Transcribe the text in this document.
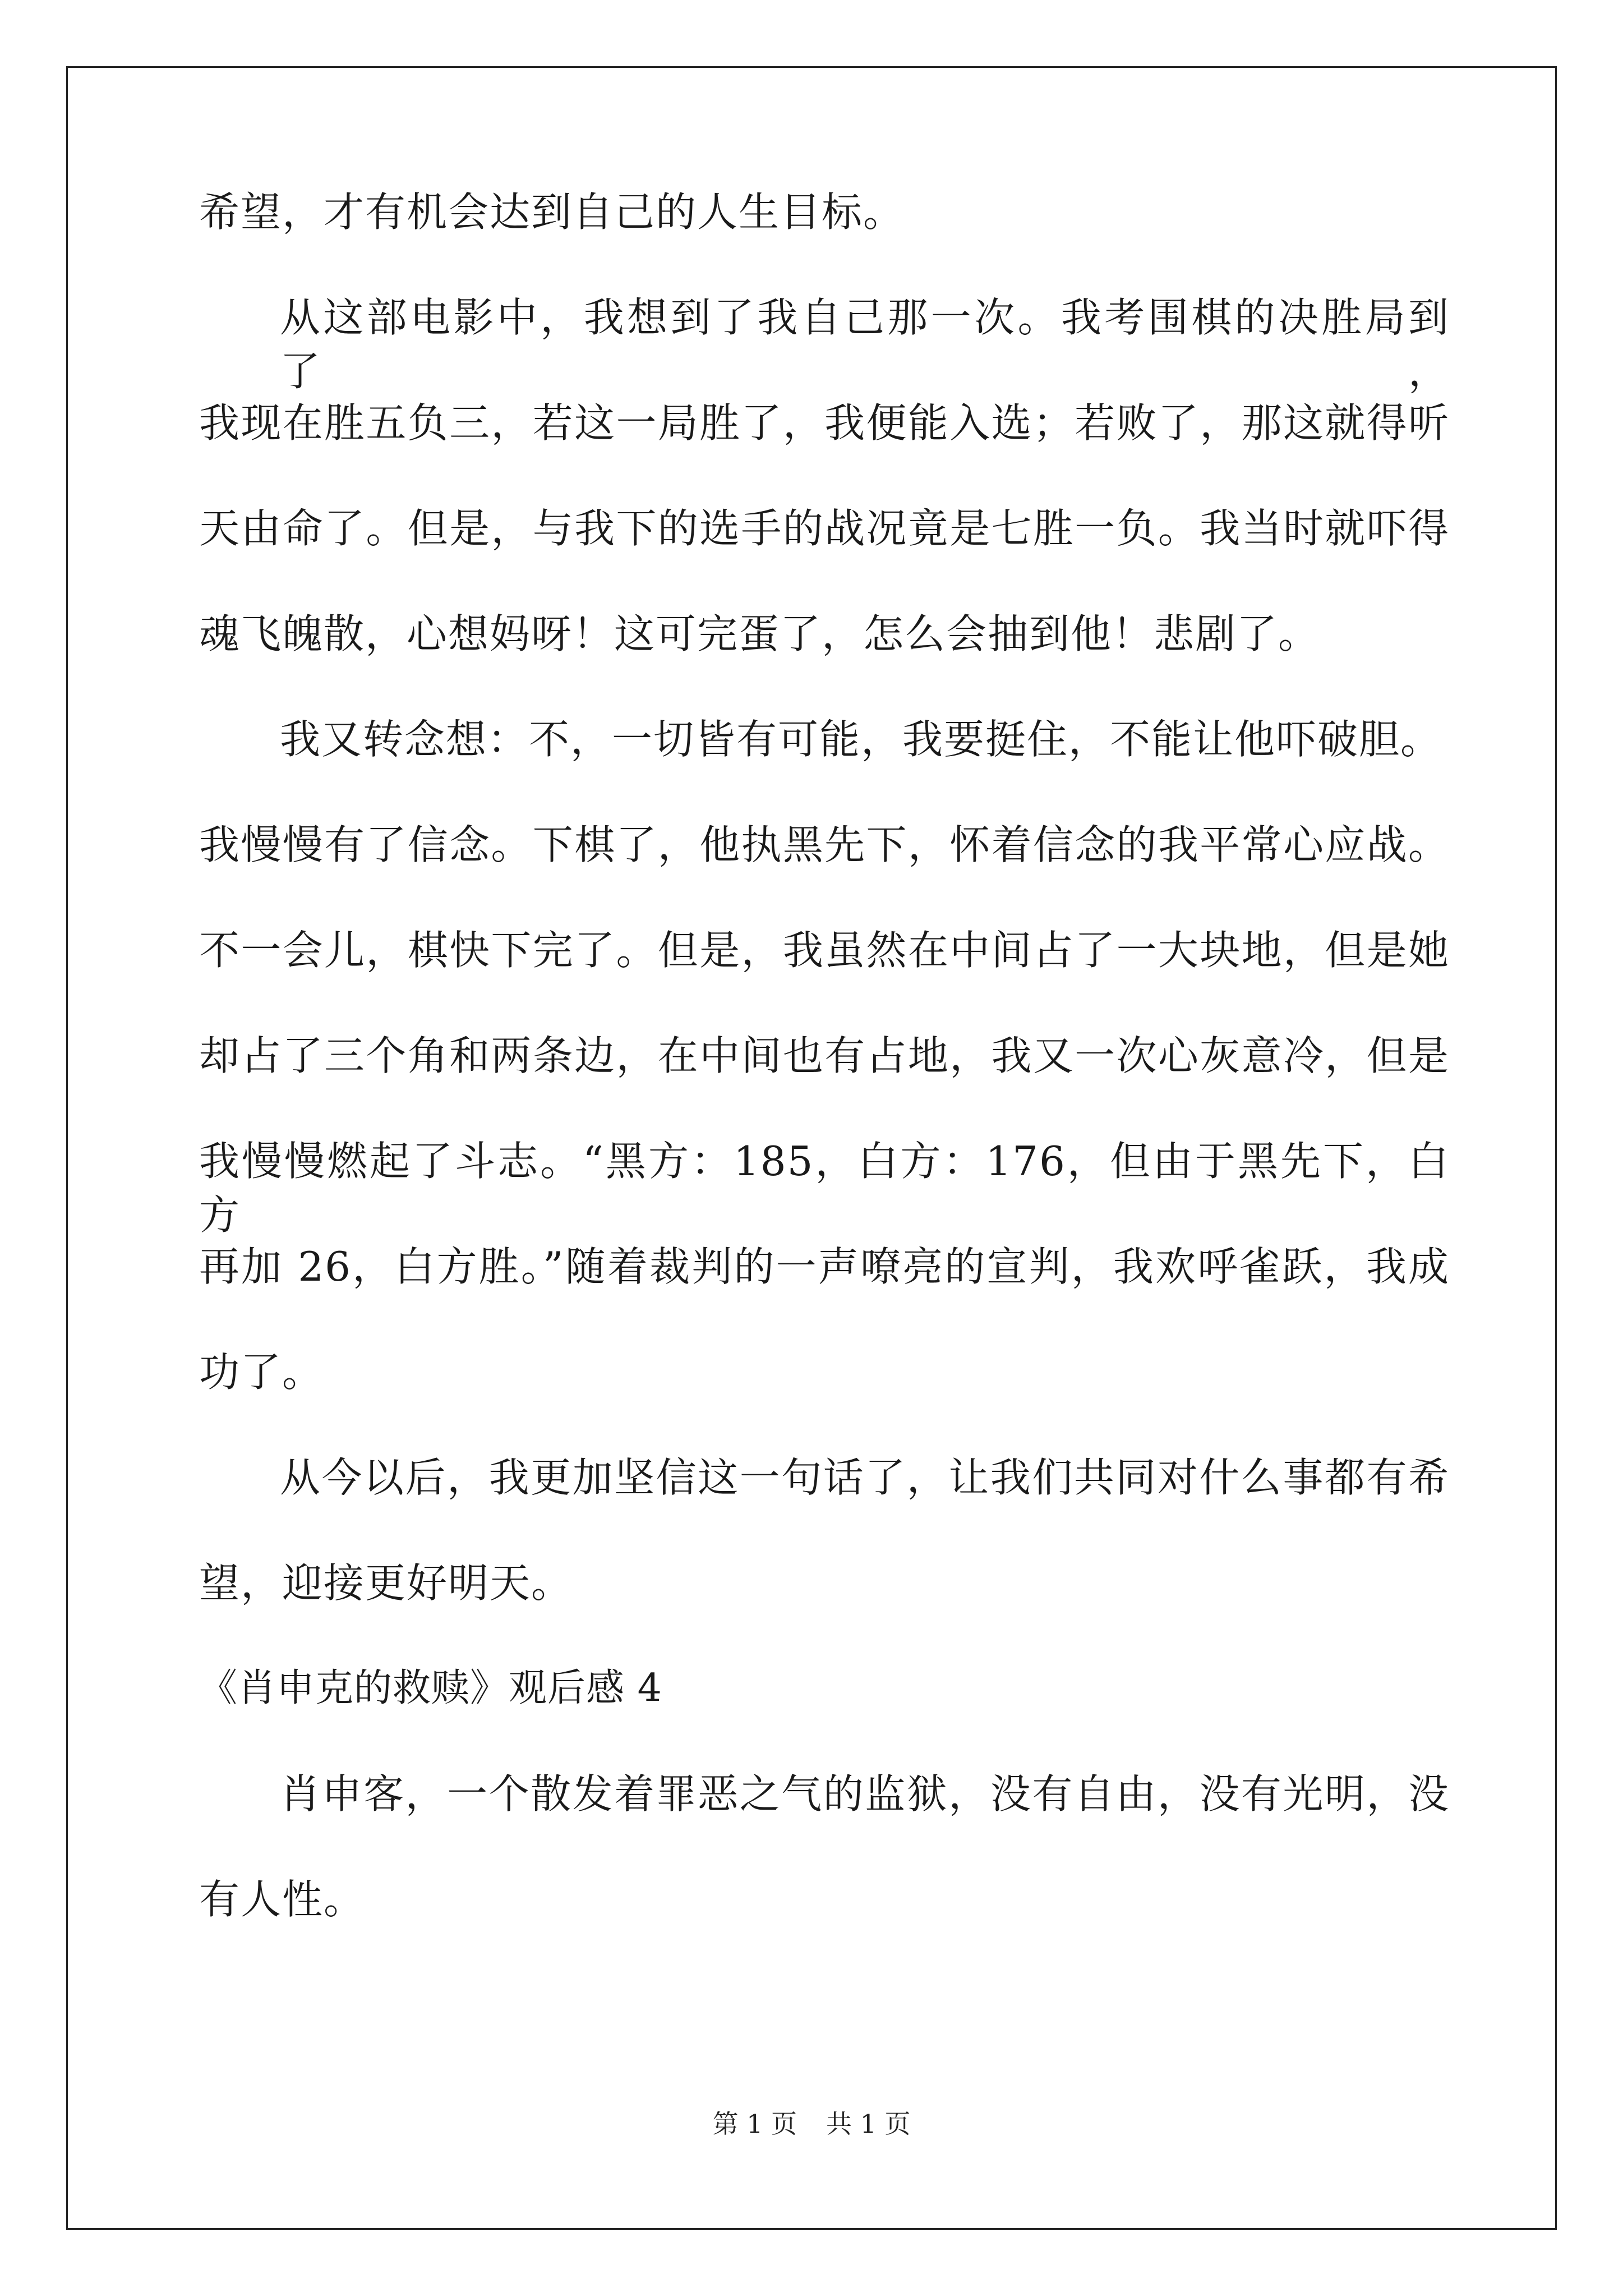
希望，才有机会达到自己的人生目标。
从这部电影中，我想到了我自己那一次。我考围棋的决胜局到了，
我现在胜五负三，若这一局胜了，我便能入选；若败了，那这就得听
天由命了。但是，与我下的选手的战况竟是七胜一负。我当时就吓得
魂飞魄散，心想妈呀！这可完蛋了，怎么会抽到他！悲剧了。
我又转念想：不，一切皆有可能，我要挺住，不能让他吓破胆。
我慢慢有了信念。下棋了，他执黑先下，怀着信念的我平常心应战。
不一会儿，棋快下完了。但是，我虽然在中间占了一大块地，但是她
却占了三个角和两条边，在中间也有占地，我又一次心灰意冷，但是
我慢慢燃起了斗志。“黑方：185，白方：176，但由于黑先下，白方
再加 26，白方胜。”随着裁判的一声嘹亮的宣判，我欢呼雀跃，我成
功了。
从今以后，我更加坚信这一句话了，让我们共同对什么事都有希
望，迎接更好明天。
《肖申克的救赎》观后感 4
肖申客，一个散发着罪恶之气的监狱，没有自由，没有光明，没
有人性。
第 1 页 共 1 页
